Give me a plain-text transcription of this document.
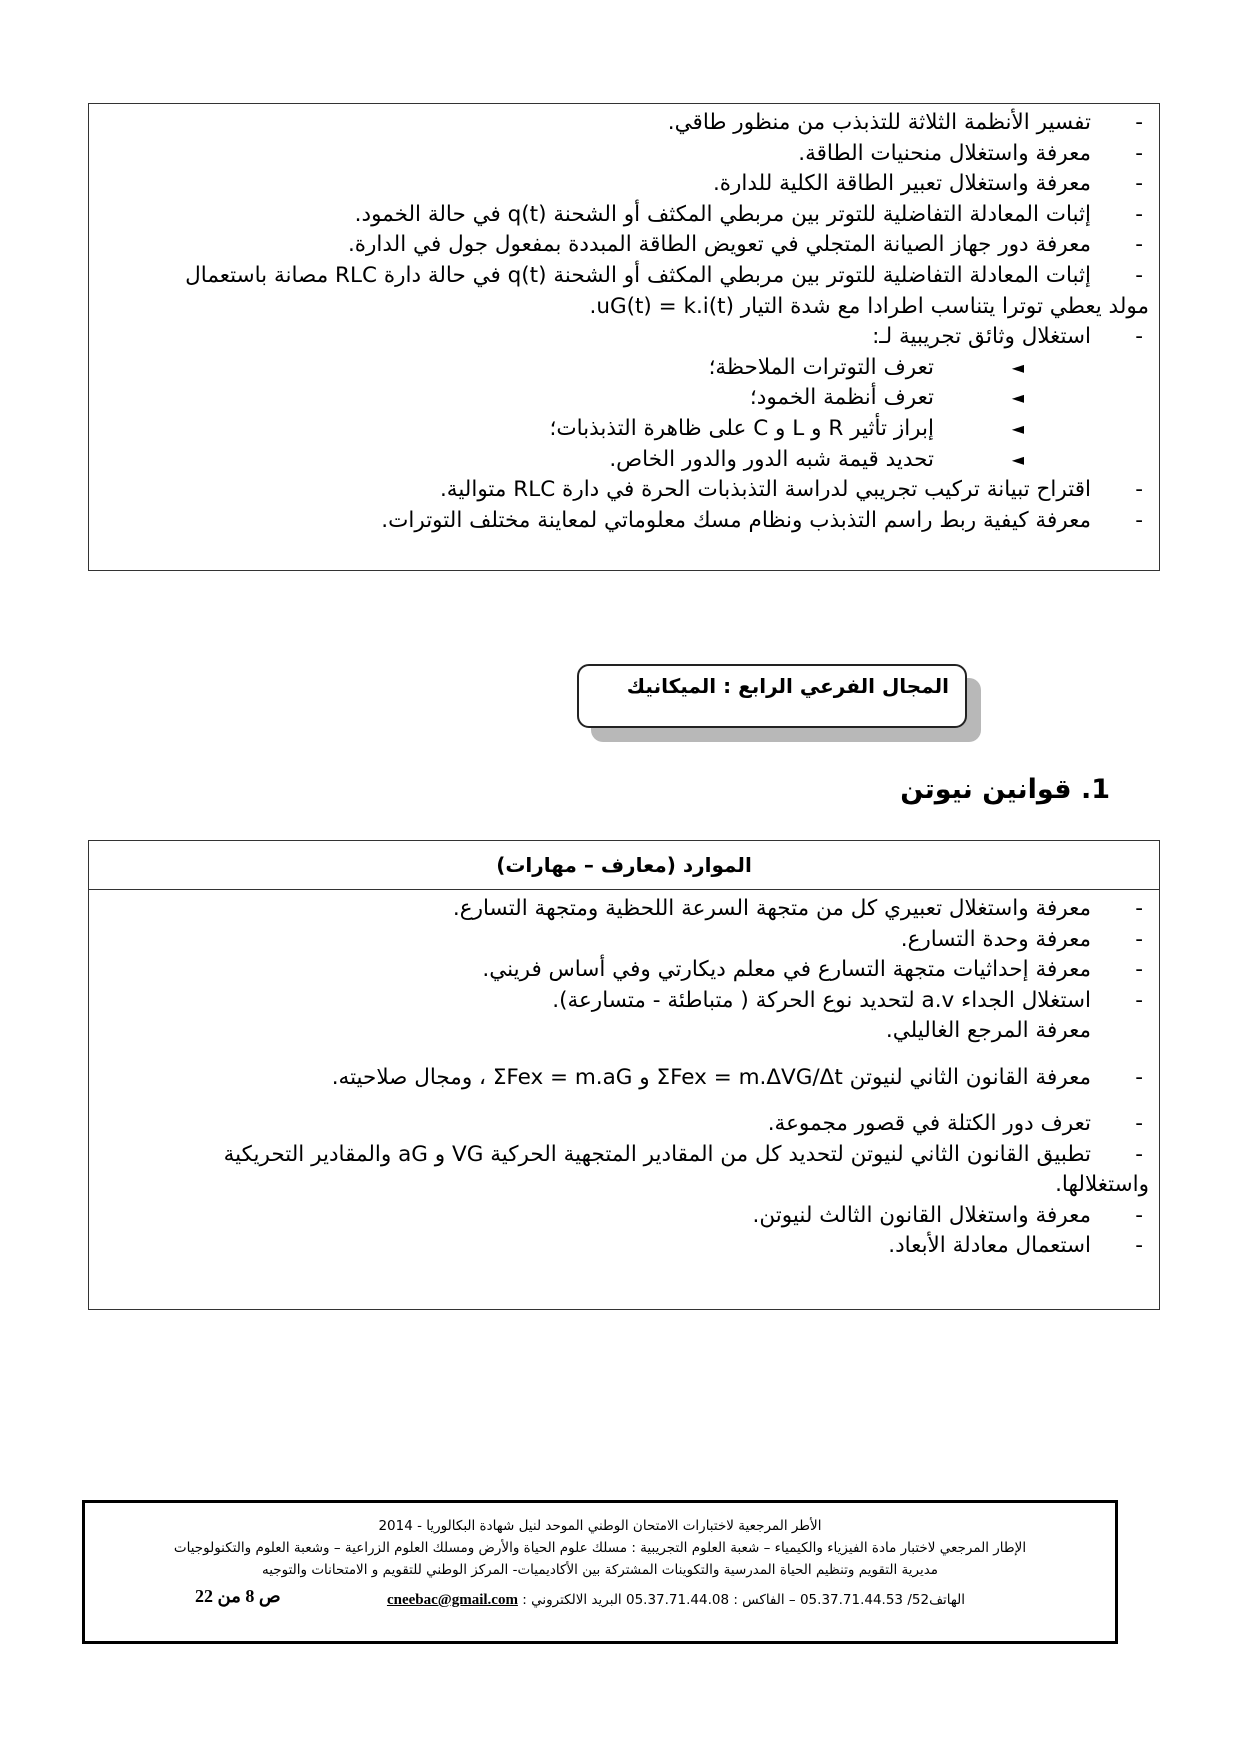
-
تفسير الأنظمة الثلاثة للتذبذب من منظور طاقي.
-
معرفة واستغلال منحنيات الطاقة.
-
معرفة واستغلال تعبير الطاقة الكلية للدارة.
-
إثبات المعادلة التفاضلية للتوتر بين مربطي المكثف أو الشحنة q(t) في حالة الخمود.
-
معرفة دور جهاز الصيانة المتجلي في تعويض الطاقة المبددة بمفعول جول في الدارة.
-
إثبات المعادلة التفاضلية للتوتر بين مربطي المكثف أو الشحنة q(t) في حالة دارة RLC مصانة باستعمال
مولد يعطي توترا يتناسب اطرادا مع شدة التيار uG(t) = k.i(t).
-
استغلال وثائق تجريبية لـ:
◄
تعرف التوترات الملاحظة؛
◄
تعرف أنظمة الخمود؛
◄
إبراز تأثير R و L و C على ظاهرة التذبذبات؛
◄
تحديد قيمة شبه الدور والدور الخاص.
-
اقتراح تبيانة تركيب تجريبي لدراسة التذبذبات الحرة في دارة RLC متوالية.
-
معرفة كيفية ربط راسم التذبذب ونظام مسك معلوماتي لمعاينة مختلف التوترات.
المجال الفرعي الرابع : الميكانيك
1. قوانين نيوتن
الموارد (معارف – مهارات)
-
معرفة واستغلال تعبيري كل من متجهة السرعة اللحظية ومتجهة التسارع.
-
معرفة وحدة التسارع.
-
معرفة إحداثيات متجهة التسارع في معلم ديكارتي وفي أساس فريني.
-
استغلال الجداء a.v لتحديد نوع الحركة ( متباطئة - متسارعة).
معرفة المرجع الغاليلي.
-
معرفة القانون الثاني لنيوتن ΣFex = m.ΔVG/Δt و ΣFex = m.aG ، ومجال صلاحيته.
-
تعرف دور الكتلة في قصور مجموعة.
-
تطبيق القانون الثاني لنيوتن لتحديد كل من المقادير المتجهية الحركية VG و aG والمقادير التحريكية
واستغلالها.
-
معرفة واستغلال القانون الثالث لنيوتن.
-
استعمال معادلة الأبعاد.
الأطر المرجعية لاختبارات الامتحان الوطني الموحد لنيل شهادة البكالوريا - 2014
الإطار المرجعي لاختبار مادة الفيزياء والكيمياء – شعبة العلوم التجريبية : مسلك علوم الحياة والأرض ومسلك العلوم الزراعية – وشعبة العلوم والتكنولوجيات
مديرية التقويم وتنظيم الحياة المدرسية والتكوينات المشتركة بين الأكاديميات- المركز الوطني للتقويم و الامتحانات والتوجيه
الهاتف52/ 05.37.71.44.53 – الفاكس : 05.37.71.44.08 البريد الالكتروني : cneebac@gmail.com
ص 8 من 22
